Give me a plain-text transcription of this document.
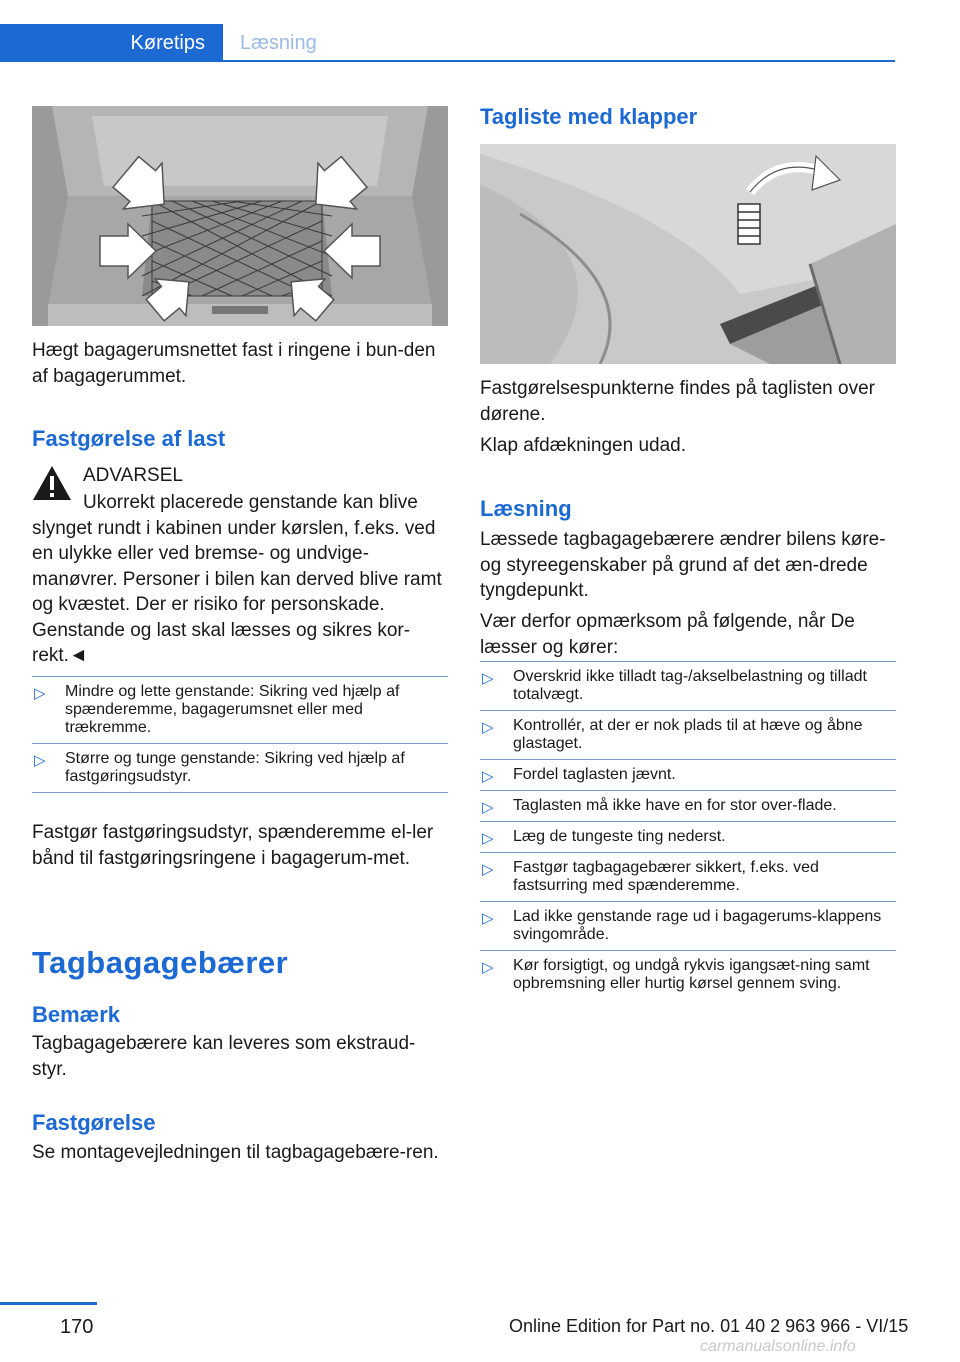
Køretips	Læsning

Hægt bagagerumsnettet fast i ringene i bun-den af bagagerummet.

Fastgørelse af last

ADVARSEL

Ukorrekt placerede genstande kan blive slynget rundt i kabinen under kørslen, f.eks. ved en ulykke eller ved bremse- og undvige-manøvrer. Personer i bilen kan derved blive ramt og kvæstet. Der er risiko for personskade. Genstande og last skal læsses og sikres kor-rekt.◄

▷ Mindre og lette genstande: Sikring ved hjælp af spænderemme, bagagerumsnet eller med trækremme.
▷ Større og tunge genstande: Sikring ved hjælp af fastgøringsudstyr.

Fastgør fastgøringsudstyr, spænderemme el-ler bånd til fastgøringsringene i bagagerum-met.

Tagbagagebærer
Bemærk

Tagbagagebærere kan leveres som ekstraud-styr.

Fastgørelse

Se montagevejledningen til tagbagagebære-ren.

Tagliste med klapper

Fastgørelsespunkterne findes på taglisten over dørene.

Klap afdækningen udad.

Læsning

Læssede tagbagagebærere ændrer bilens køre- og styreegenskaber på grund af det æn-drede tyngdepunkt.

Vær derfor opmærksom på følgende, når De læsser og kører:

▷ Overskrid ikke tilladt tag-/akselbelastning og tilladt totalvægt.
▷ Kontrollér, at der er nok plads til at hæve og åbne glastaget.
▷ Fordel taglasten jævnt.
▷ Taglasten må ikke have en for stor over-flade.
▷ Læg de tungeste ting nederst.
▷ Fastgør tagbagagebærer sikkert, f.eks. ved fastsurring med spænderemme.
▷ Lad ikke genstande rage ud i bagagerums-klappens svingområde.
▷ Kør forsigtigt, og undgå rykvis igangsæt-ning samt opbremsning eller hurtig kørsel gennem sving.
170	Online Edition for Part no. 01 40 2 963 966 - VI/15
carmanualsonline.info
